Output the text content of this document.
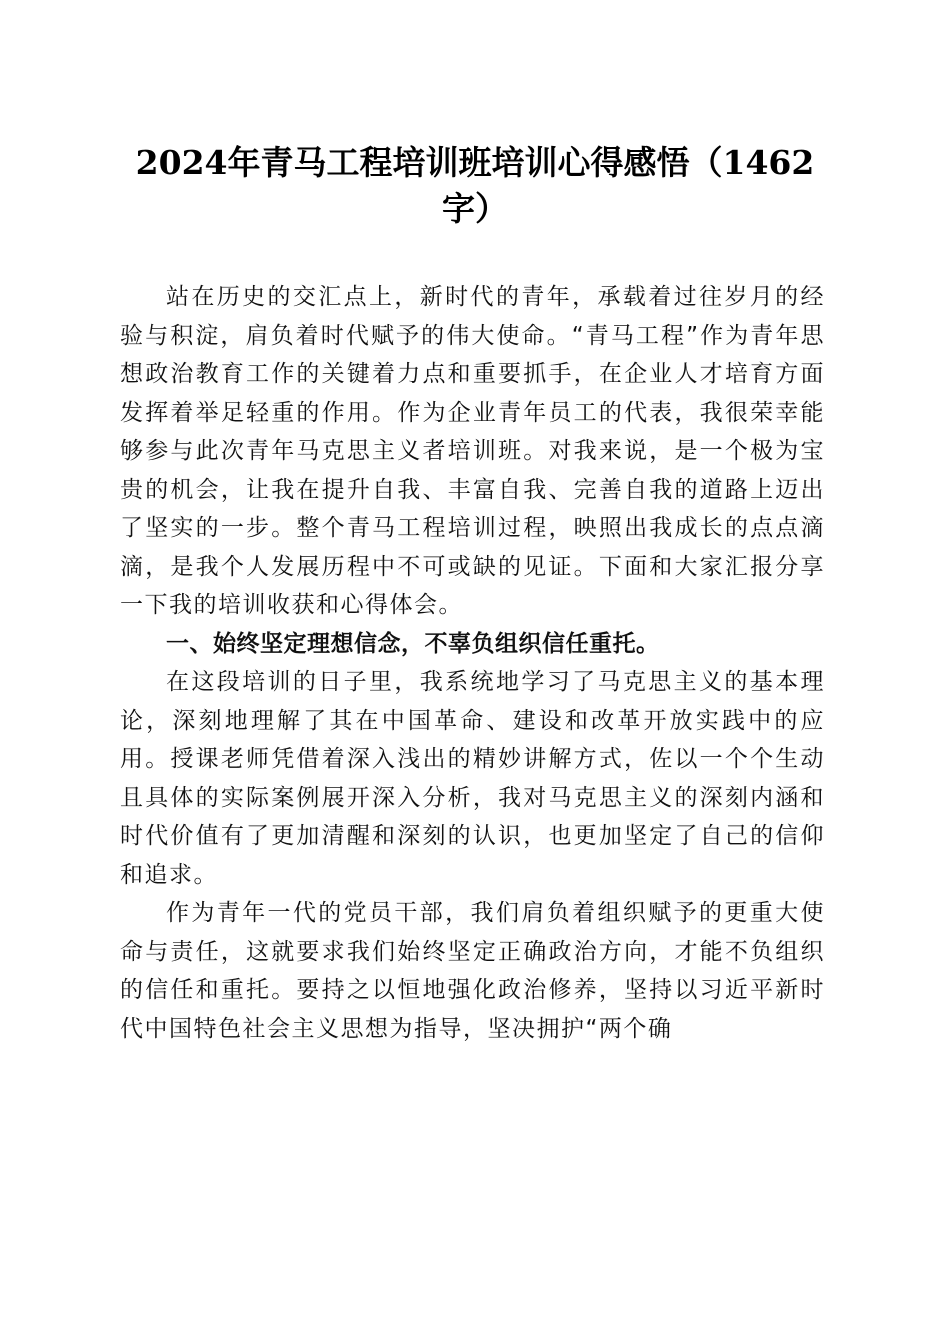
2024年青马工程培训班培训心得感悟（1462字）

站在历史的交汇点上，新时代的青年，承载着过往岁月的经验与积淀，肩负着时代赋予的伟大使命。“青马工程”作为青年思想政治教育工作的关键着力点和重要抓手，在企业人才培育方面发挥着举足轻重的作用。作为企业青年员工的代表，我很荣幸能够参与此次青年马克思主义者培训班。对我来说，是一个极为宝贵的机会，让我在提升自我、丰富自我、完善自我的道路上迈出了坚实的一步。整个青马工程培训过程，映照出我成长的点点滴滴，是我个人发展历程中不可或缺的见证。下面和大家汇报分享一下我的培训收获和心得体会。

一、始终坚定理想信念，不辜负组织信任重托。

在这段培训的日子里，我系统地学习了马克思主义的基本理论，深刻地理解了其在中国革命、建设和改革开放实践中的应用。授课老师凭借着深入浅出的精妙讲解方式，佐以一个个生动且具体的实际案例展开深入分析，我对马克思主义的深刻内涵和时代价值有了更加清醒和深刻的认识，也更加坚定了自己的信仰和追求。

作为青年一代的党员干部，我们肩负着组织赋予的更重大使命与责任，这就要求我们始终坚定正确政治方向，才能不负组织的信任和重托。要持之以恒地强化政治修养，坚持以习近平新时代中国特色社会主义思想为指导，坚决拥护“两个确
